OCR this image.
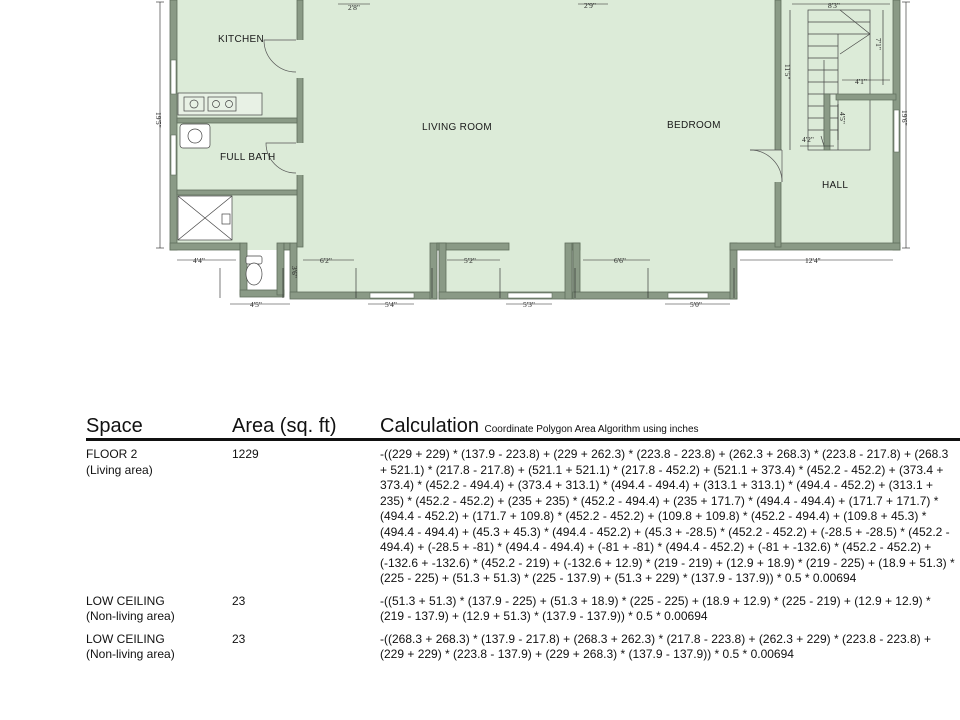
KITCHEN
FULL BATH
LIVING ROOM	BEDROOM
HALL
2'8"	2'9"	8'3"
7'1"
11'5"
4'1"
4'2"
4'5"
19'5"	19'6"
4'4"	6'2"	5'2"	6'6"	12'4"
4'5"	5'4"	5'3"	5'0"
3'6"
Space	Area (sq. ft)	Calculation Coordinate Polygon Area Algorithm using inches
FLOOR 2
(Living area)
1229	-((229 + 229) * (137.9 - 223.8) + (229 + 262.3) * (223.8 - 223.8) + (262.3 + 268.3) * (223.8 - 217.8) + (268.3 + 521.1) * (217.8 - 217.8) + (521.1 + 521.1) * (217.8 - 452.2) + (521.1 + 373.4) * (452.2 - 452.2) + (373.4 + 373.4) * (452.2 - 494.4) + (373.4 + 313.1) * (494.4 - 494.4) + (313.1 + 313.1) * (494.4 - 452.2) + (313.1 + 235) * (452.2 - 452.2) + (235 + 235) * (452.2 - 494.4) + (235 + 171.7) * (494.4 - 494.4) + (171.7 + 171.7) * (494.4 - 452.2) + (171.7 + 109.8) * (452.2 - 452.2) + (109.8 + 109.8) * (452.2 - 494.4) + (109.8 + 45.3) * (494.4 - 494.4) + (45.3 + 45.3) * (494.4 - 452.2) + (45.3 + -28.5) * (452.2 - 452.2) + (-28.5 + -28.5) * (452.2 - 494.4) + (-28.5 + -81) * (494.4 - 494.4) + (-81 + -81) * (494.4 - 452.2) + (-81 + -132.6) * (452.2 - 452.2) + (-132.6 + -132.6) * (452.2 - 219) + (-132.6 + 12.9) * (219 - 219) + (12.9 + 18.9) * (219 - 225) + (18.9 + 51.3) * (225 - 225) + (51.3 + 51.3) * (225 - 137.9) + (51.3 + 229) * (137.9 - 137.9)) * 0.5 * 0.00694
LOW CEILING
(Non-living area)
23	-((51.3 + 51.3) * (137.9 - 225) + (51.3 + 18.9) * (225 - 225) + (18.9 + 12.9) * (225 - 219) + (12.9 + 12.9) * (219 - 137.9) + (12.9 + 51.3) * (137.9 - 137.9)) * 0.5 * 0.00694
LOW CEILING
(Non-living area)
23	-((268.3 + 268.3) * (137.9 - 217.8) + (268.3 + 262.3) * (217.8 - 223.8) + (262.3 + 229) * (223.8 - 223.8) + (229 + 229) * (223.8 - 137.9) + (229 + 268.3) * (137.9 - 137.9)) * 0.5 * 0.00694
